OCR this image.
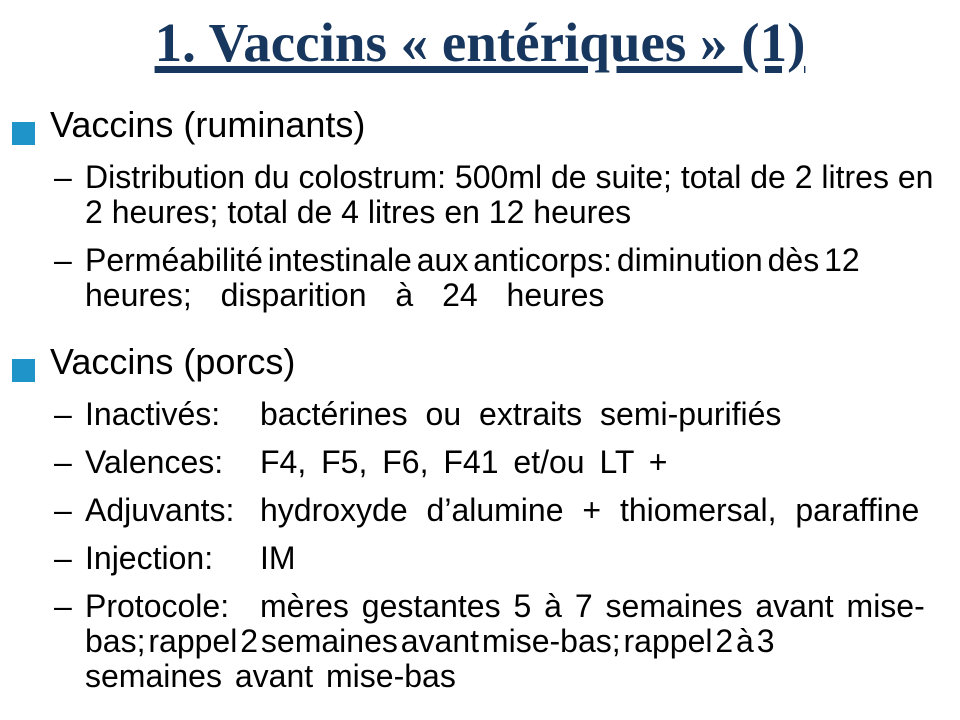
1. Vaccins « entériques » (1)
Vaccins (ruminants)
– Distribution du colostrum: 500ml de suite; total de 2 litres en
2 heures; total de 4 litres en 12 heures
– Perméabilité intestinale aux anticorps: diminution dès 12
heures; disparition à 24 heures
Vaccins (porcs)
– Inactivés: bactérines ou extraits semi-purifiés
– Valences: F4, F5, F6, F41 et/ou LT +
– Adjuvants: hydroxyde d’alumine + thiomersal, paraffine
– Injection: IM
– Protocole: mères gestantes 5 à 7 semaines avant mise-
bas; rappel 2 semaines avant mise-bas; rappel 2 à 3
semaines avant mise-bas
